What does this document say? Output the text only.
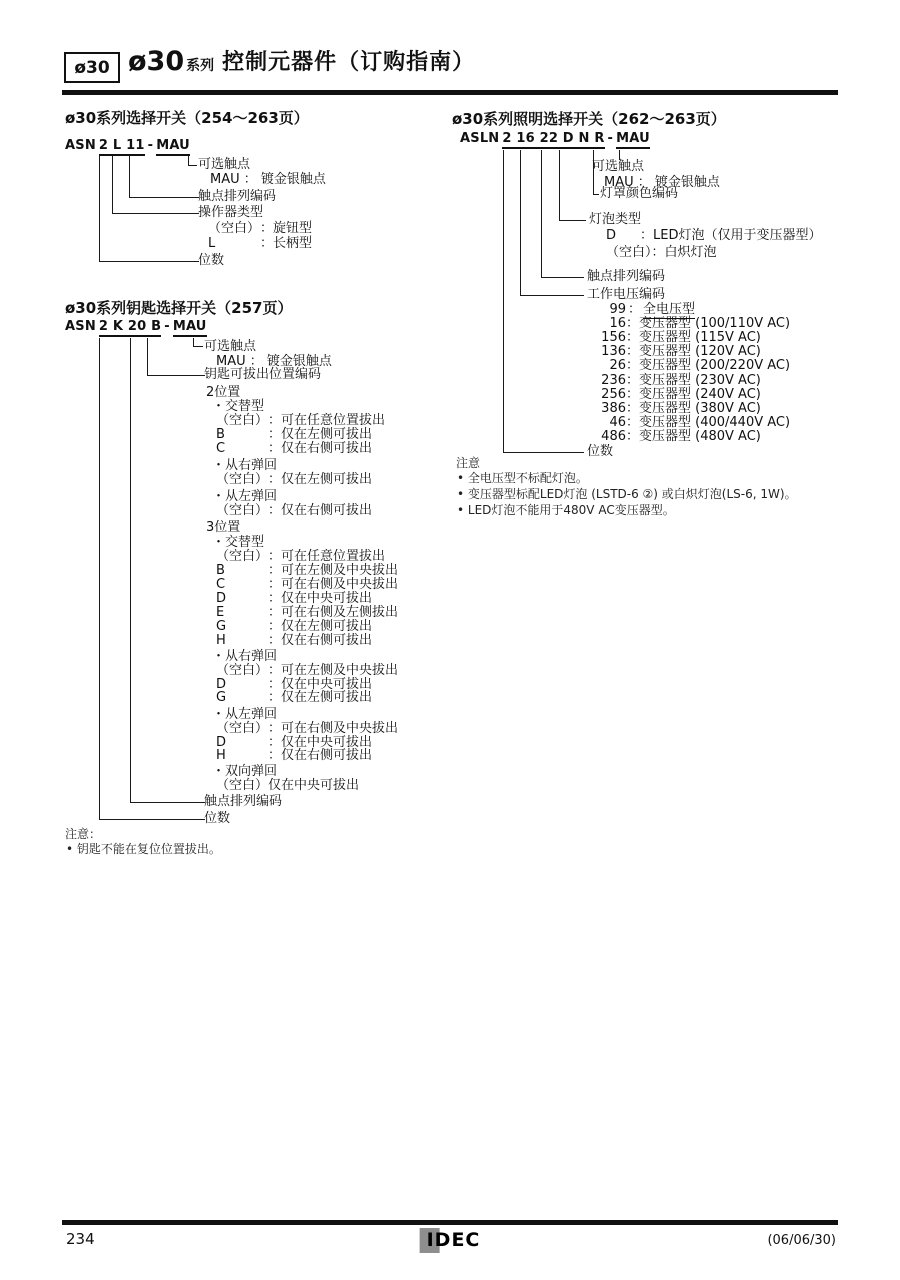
ø30 ø30 系列 控制元器件（订购指南）
ø30系列选择开关（254～263页）
ASN 2 L 11 - MAU
可选触点
MAU ： 镀金银触点
触点排列编码
操作器类型
（空白）：旋钮型
L	：长柄型
位数
ø30系列钥匙选择开关（257页）
ASN 2 K 20 B - MAU
可选触点
MAU ： 镀金银触点
钥匙可拔出位置编码
2位置
・交替型
（空白）：可在任意位置拔出
B	：仅在左侧可拔出
C	：仅在右侧可拔出
・从右弹回
（空白）：仅在左侧可拔出
・从左弹回
（空白）：仅在右侧可拔出
3位置
・交替型
（空白）：可在任意位置拔出
B	：可在左侧及中央拔出
C	：可在右侧及中央拔出
D	：仅在中央可拔出
E	：可在右侧及左侧拔出
G	：仅在左侧可拔出
H	：仅在右侧可拔出
・从右弹回
（空白）：可在左侧及中央拔出
D	：仅在中央可拔出
G	：仅在左侧可拔出
・从左弹回
（空白）：可在右侧及中央拔出
D	：仅在中央可拔出
H	：仅在右侧可拔出
・双向弹回
（空白）仅在中央可拔出
触点排列编码
位数
注意：
• 钥匙不能在复位位置拔出。
ø30系列照明选择开关（262～263页）
ASLN 2 16 22 D N R - MAU
可选触点
MAU ： 镀金银触点
灯罩颜色编码
灯泡类型
D ：LED灯泡（仅用于变压器型）
（空白）：白炽灯泡
触点排列编码
工作电压编码
99 ： 全电压型
16：变压器型 (100/110V AC)
156：变压器型 (115V AC)
136：变压器型 (120V AC)
26：变压器型 (200/220V AC)
236：变压器型 (230V AC)
256：变压器型 (240V AC)
386：变压器型 (380V AC)
46：变压器型 (400/440V AC)
486：变压器型 (480V AC)
位数
注意
• 全电压型不标配灯泡。
• 变压器型标配LED灯泡 (LSTD-6 ②) 或白炽灯泡(LS-6, 1W)。
• LED灯泡不能用于480V AC变压器型。
234	IDEC	(06/06/30)
